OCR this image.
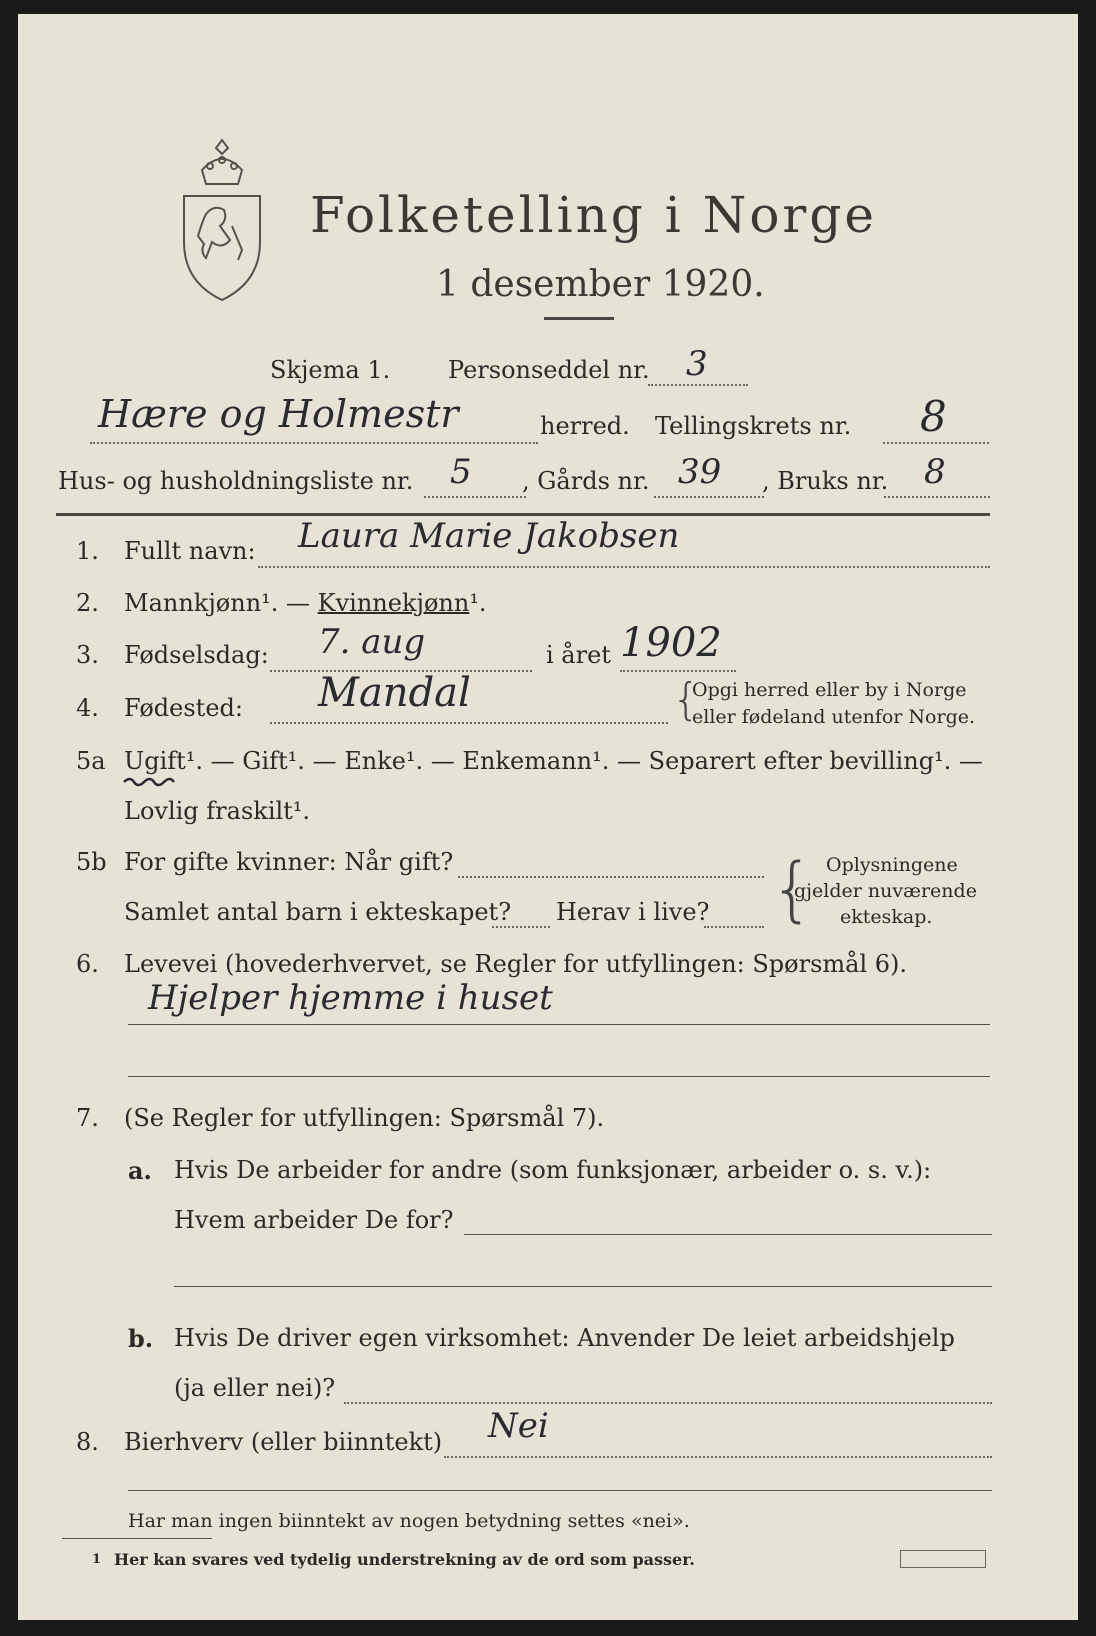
Folketelling i Norge
1 desember 1920.
Skjema 1. Personseddel nr. 3
Hære og Holmestr	herred. Tellingskrets nr. 8
Hus- og husholdningsliste nr. 5 , Gårds nr. 39 , Bruks nr. 8
1. Fullt navn: Laura Marie Jakobsen
2. Mannkjønn¹. — Kvinnekjønn¹.
3. Fødselsdag: 7. aug	i året 1902
4. Fødested: Mandal	{
Opgi herred eller by i Norge
eller fødeland utenfor Norge.
5a Ugift¹. — Gift¹. — Enke¹. — Enkemann¹. — Separert efter bevilling¹. —
Lovlig fraskilt¹.
5b For gifte kvinner: Når gift?
Samlet antal barn i ekteskapet? Herav i live? { Oplysningene
gjelder nuværende
ekteskap.
6. Levevei (hovederhvervet, se Regler for utfyllingen: Spørsmål 6).
Hjelper hjemme i huset
7. (Se Regler for utfyllingen: Spørsmål 7).
a. Hvis De arbeider for andre (som funksjonær, arbeider o. s. v.):
Hvem arbeider De for?
b. Hvis De driver egen virksomhet: Anvender De leiet arbeidshjelp
(ja eller nei)?
8. Bierhverv (eller biinntekt) Nei
Har man ingen biinntekt av nogen betydning settes «nei».
1 Her kan svares ved tydelig understrekning av de ord som passer.
